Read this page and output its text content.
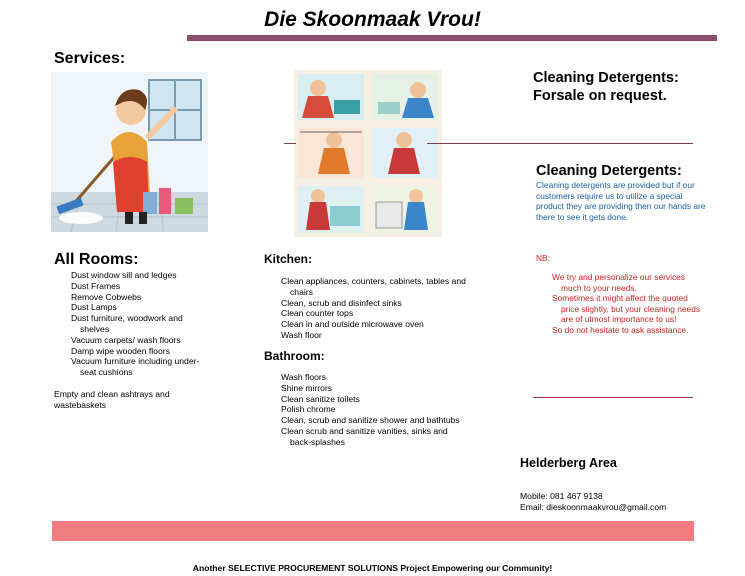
Die Skoonmaak Vrou!
Services:
All Rooms:
Dust window sill and ledges
Dust Frames
Remove Cobwebs
Dust Lamps
Dust furniture, woodwork and shelves
Vacuum carpets/ wash floors
Damp wipe wooden floors
Vacuum furniture including under-seat cushions
Empty and clean ashtrays and wastebaskets
Kitchen:
Clean appliances, counters, cabinets, tables and chairs
Clean, scrub and disinfect sinks
Clean counter tops
Clean in and outside microwave oven
Wash floor
Bathroom:
Wash floors
Shine mirrors
Clean sanitize toilets
Polish chrome
Clean, scrub and sanitize shower and bathtubs
Clean scrub and sanitize vanities, sinks and back-splashes
Cleaning Detergents:
Forsale on request.
Cleaning Detergents:
Cleaning detergents are provided but if our customers require us to utilize a special product they are providing then our hands are there to see it gets done.
NB:

We try and personalize our services much to your needs.

Sometimes it might affect the quoted price slightly, but your cleaning needs are of utmost importance to us!

So do not hesitate to ask assistance.

Helderberg Area
Mobile: 081 467 9138
Email: dieskoonmaakvrou@gmail.com
Another SELECTIVE PROCUREMENT SOLUTIONS Project Empowering our Community!
